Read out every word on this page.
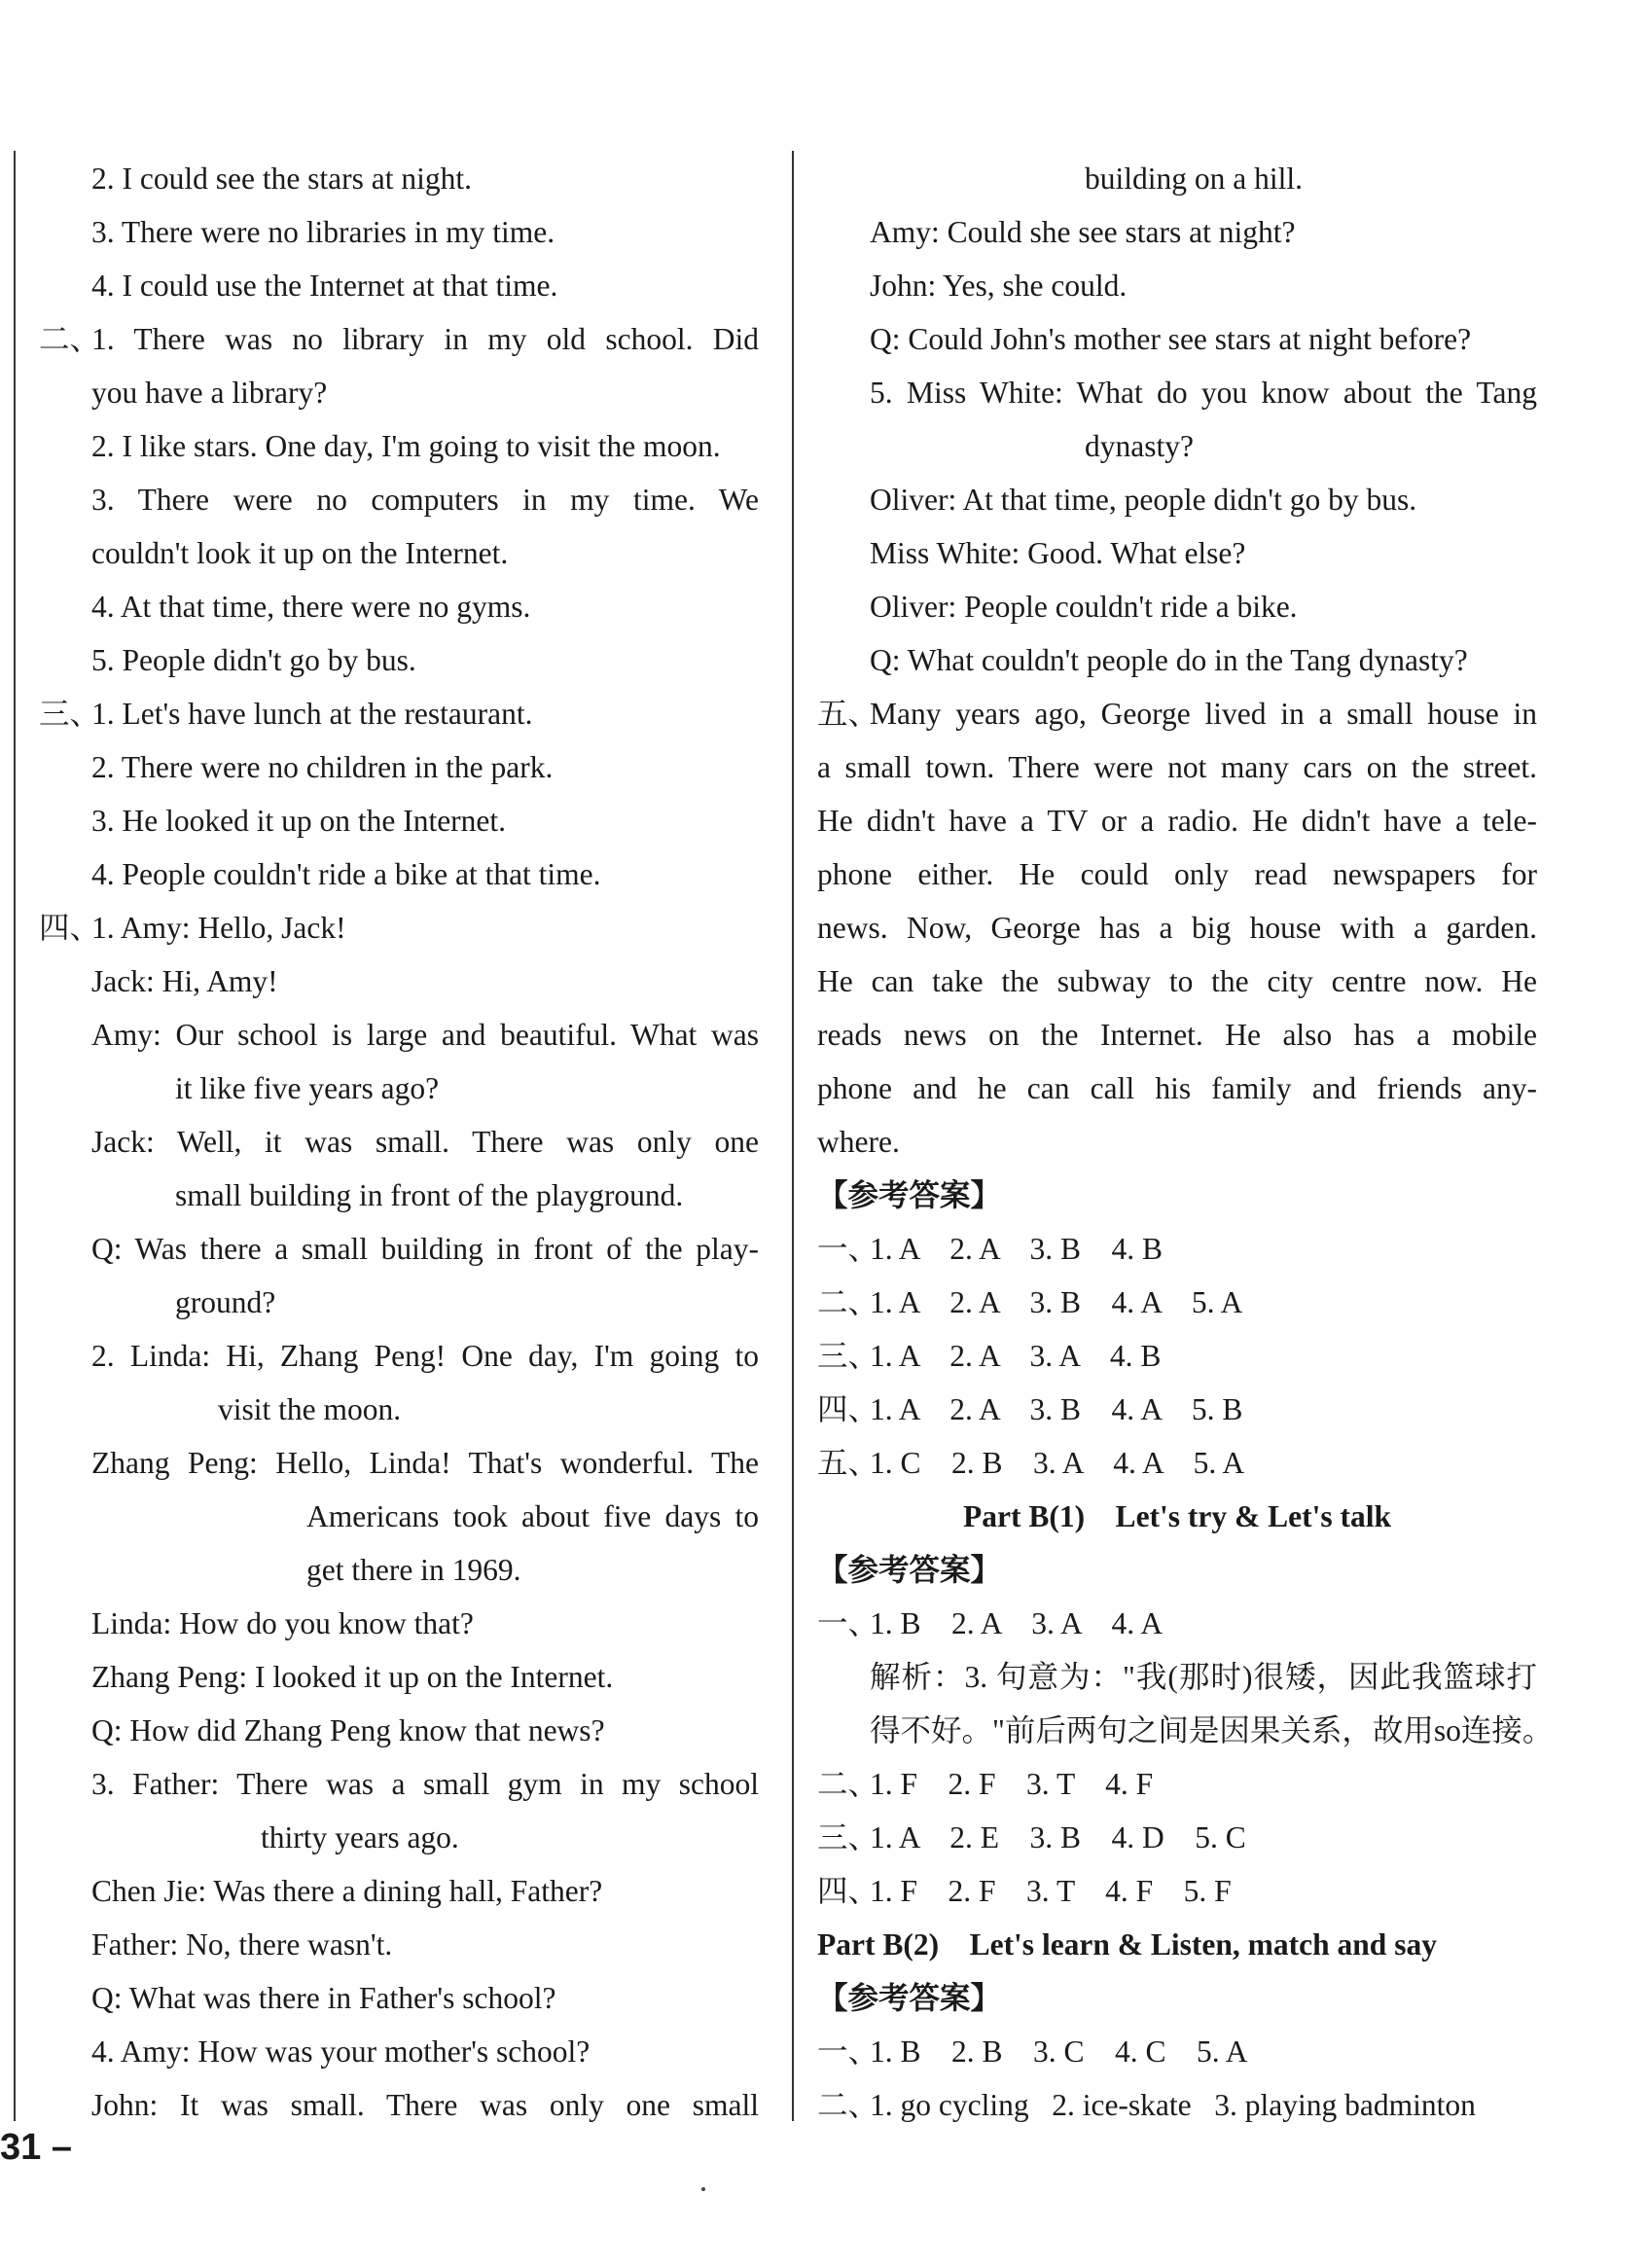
2. I could see the stars at night.
3. There were no libraries in my time.
4. I could use the Internet at that time.
二、1. There was no library in my old school. Did
you have a library?
2. I like stars. One day, I'm going to visit the moon.
3. There were no computers in my time. We
couldn't look it up on the Internet.
4. At that time, there were no gyms.
5. People didn't go by bus.
三、1. Let's have lunch at the restaurant.
2. There were no children in the park.
3. He looked it up on the Internet.
4. People couldn't ride a bike at that time.
四、1. Amy: Hello, Jack!
Jack: Hi, Amy!
Amy: Our school is large and beautiful. What was
it like five years ago?
Jack: Well, it was small. There was only one
small building in front of the playground.
Q: Was there a small building in front of the play-
ground?
2. Linda: Hi, Zhang Peng! One day, I'm going to
visit the moon.
Zhang Peng: Hello, Linda! That's wonderful. The
Americans took about five days to
get there in 1969.
Linda: How do you know that?
Zhang Peng: I looked it up on the Internet.
Q: How did Zhang Peng know that news?
3. Father: There was a small gym in my school
thirty years ago.
Chen Jie: Was there a dining hall, Father?
Father: No, there wasn't.
Q: What was there in Father's school?
4. Amy: How was your mother's school?
John: It was small. There was only one small
building on a hill.
Amy: Could she see stars at night?
John: Yes, she could.
Q: Could John's mother see stars at night before?
5. Miss White: What do you know about the Tang
dynasty?
Oliver: At that time, people didn't go by bus.
Miss White: Good. What else?
Oliver: People couldn't ride a bike.
Q: What couldn't people do in the Tang dynasty?
五、Many years ago, George lived in a small house in
a small town. There were not many cars on the street.
He didn't have a TV or a radio. He didn't have a tele-
phone either. He could only read newspapers for
news. Now, George has a big house with a garden.
He can take the subway to the city centre now. He
reads news on the Internet. He also has a mobile
phone and he can call his family and friends any-
where.
【参考答案】
一、1. A    2. A    3. B    4. B
二、1. A    2. A    3. B    4. A    5. A
三、1. A    2. A    3. A    4. B
四、1. A    2. A    3. B    4. A    5. B
五、1. C    2. B    3. A    4. A    5. A
Part B(1)    Let's try & Let's talk
【参考答案】
一、1. B    2. A    3. A    4. A
解析：3. 句意为："我(那时)很矮，因此我篮球打
得不好。"前后两句之间是因果关系，故用so连接。
二、1. F    2. F    3. T    4. F
三、1. A    2. E    3. B    4. D    5. C
四、1. F    2. F    3. T    4. F    5. F
Part B(2)    Let's learn & Listen, match and say
【参考答案】
一、1. B    2. B    3. C    4. C    5. A
二、1. go cycling   2. ice-skate   3. playing badminton
31 –
